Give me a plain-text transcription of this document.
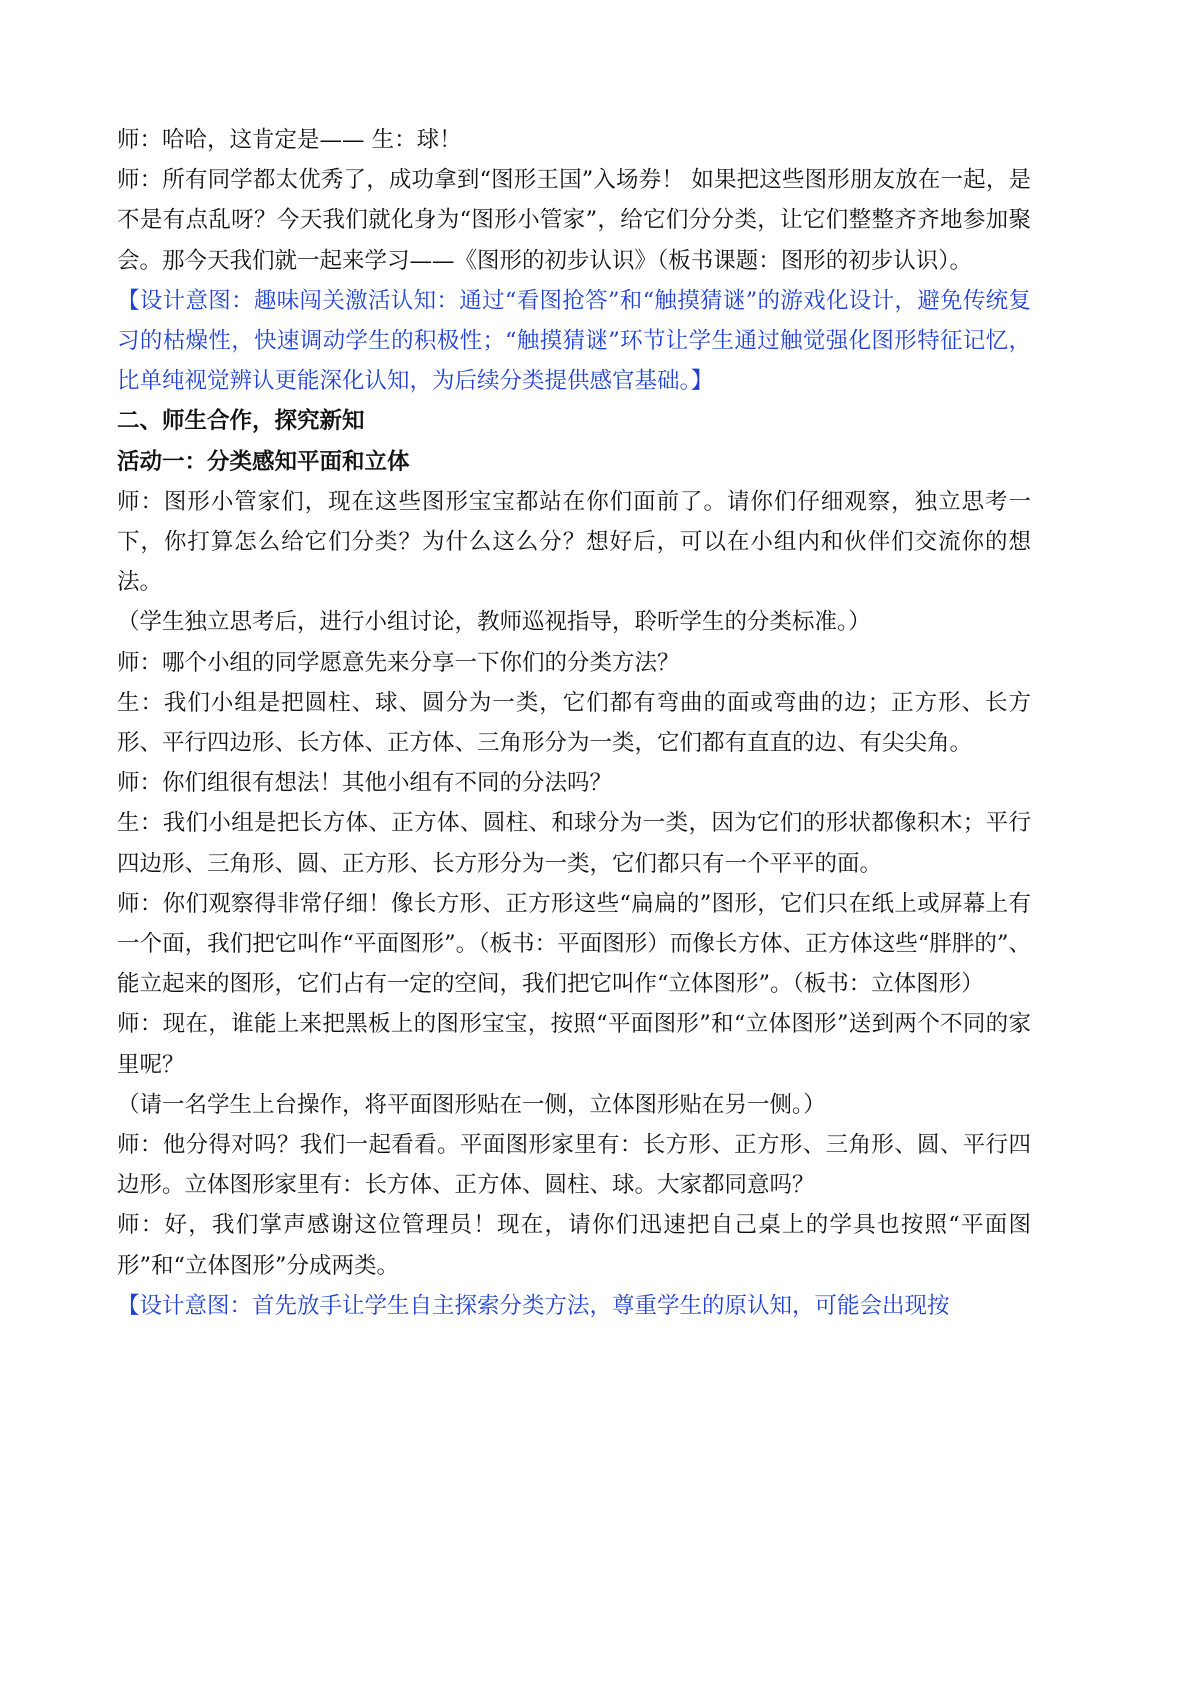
师：哈哈，这肯定是—— 生：球！

师：所有同学都太优秀了，成功拿到“图形王国”入场券！ 如果把这些图形朋友放在一起，是不是有点乱呀？今天我们就化身为“图形小管家”，给它们分分类，让它们整整齐齐地参加聚会。那今天我们就一起来学习——《图形的初步认识》（板书课题：图形的初步认识）。

【设计意图：趣味闯关激活认知：通过“看图抢答”和“触摸猜谜”的游戏化设计，避免传统复习的枯燥性，快速调动学生的积极性；“触摸猜谜”环节让学生通过触觉强化图形特征记忆，比单纯视觉辨认更能深化认知，为后续分类提供感官基础。】

二、师生合作，探究新知

活动一：分类感知平面和立体

师：图形小管家们，现在这些图形宝宝都站在你们面前了。请你们仔细观察，独立思考一下，你打算怎么给它们分类？为什么这么分？想好后，可以在小组内和伙伴们交流你的想法。

（学生独立思考后，进行小组讨论，教师巡视指导，聆听学生的分类标准。）

师：哪个小组的同学愿意先来分享一下你们的分类方法？

生：我们小组是把圆柱、球、圆分为一类，它们都有弯曲的面或弯曲的边；正方形、长方形、平行四边形、长方体、正方体、三角形分为一类，它们都有直直的边、有尖尖角。

师：你们组很有想法！其他小组有不同的分法吗？

生：我们小组是把长方体、正方体、圆柱、和球分为一类，因为它们的形状都像积木；平行四边形、三角形、圆、正方形、长方形分为一类，它们都只有一个平平的面。

师：你们观察得非常仔细！像长方形、正方形这些“扁扁的”图形，它们只在纸上或屏幕上有一个面，我们把它叫作“平面图形”。（板书：平面图形）而像长方体、正方体这些“胖胖的”、能立起来的图形，它们占有一定的空间，我们把它叫作“立体图形”。（板书：立体图形）

师：现在，谁能上来把黑板上的图形宝宝，按照“平面图形”和“立体图形”送到两个不同的家里呢？

（请一名学生上台操作，将平面图形贴在一侧，立体图形贴在另一侧。）

师：他分得对吗？我们一起看看。平面图形家里有：长方形、正方形、三角形、圆、平行四边形。立体图形家里有：长方体、正方体、圆柱、球。大家都同意吗？

师：好，我们掌声感谢这位管理员！现在，请你们迅速把自己桌上的学具也按照“平面图形”和“立体图形”分成两类。

【设计意图：首先放手让学生自主探索分类方法，尊重学生的原认知，可能会出现按
